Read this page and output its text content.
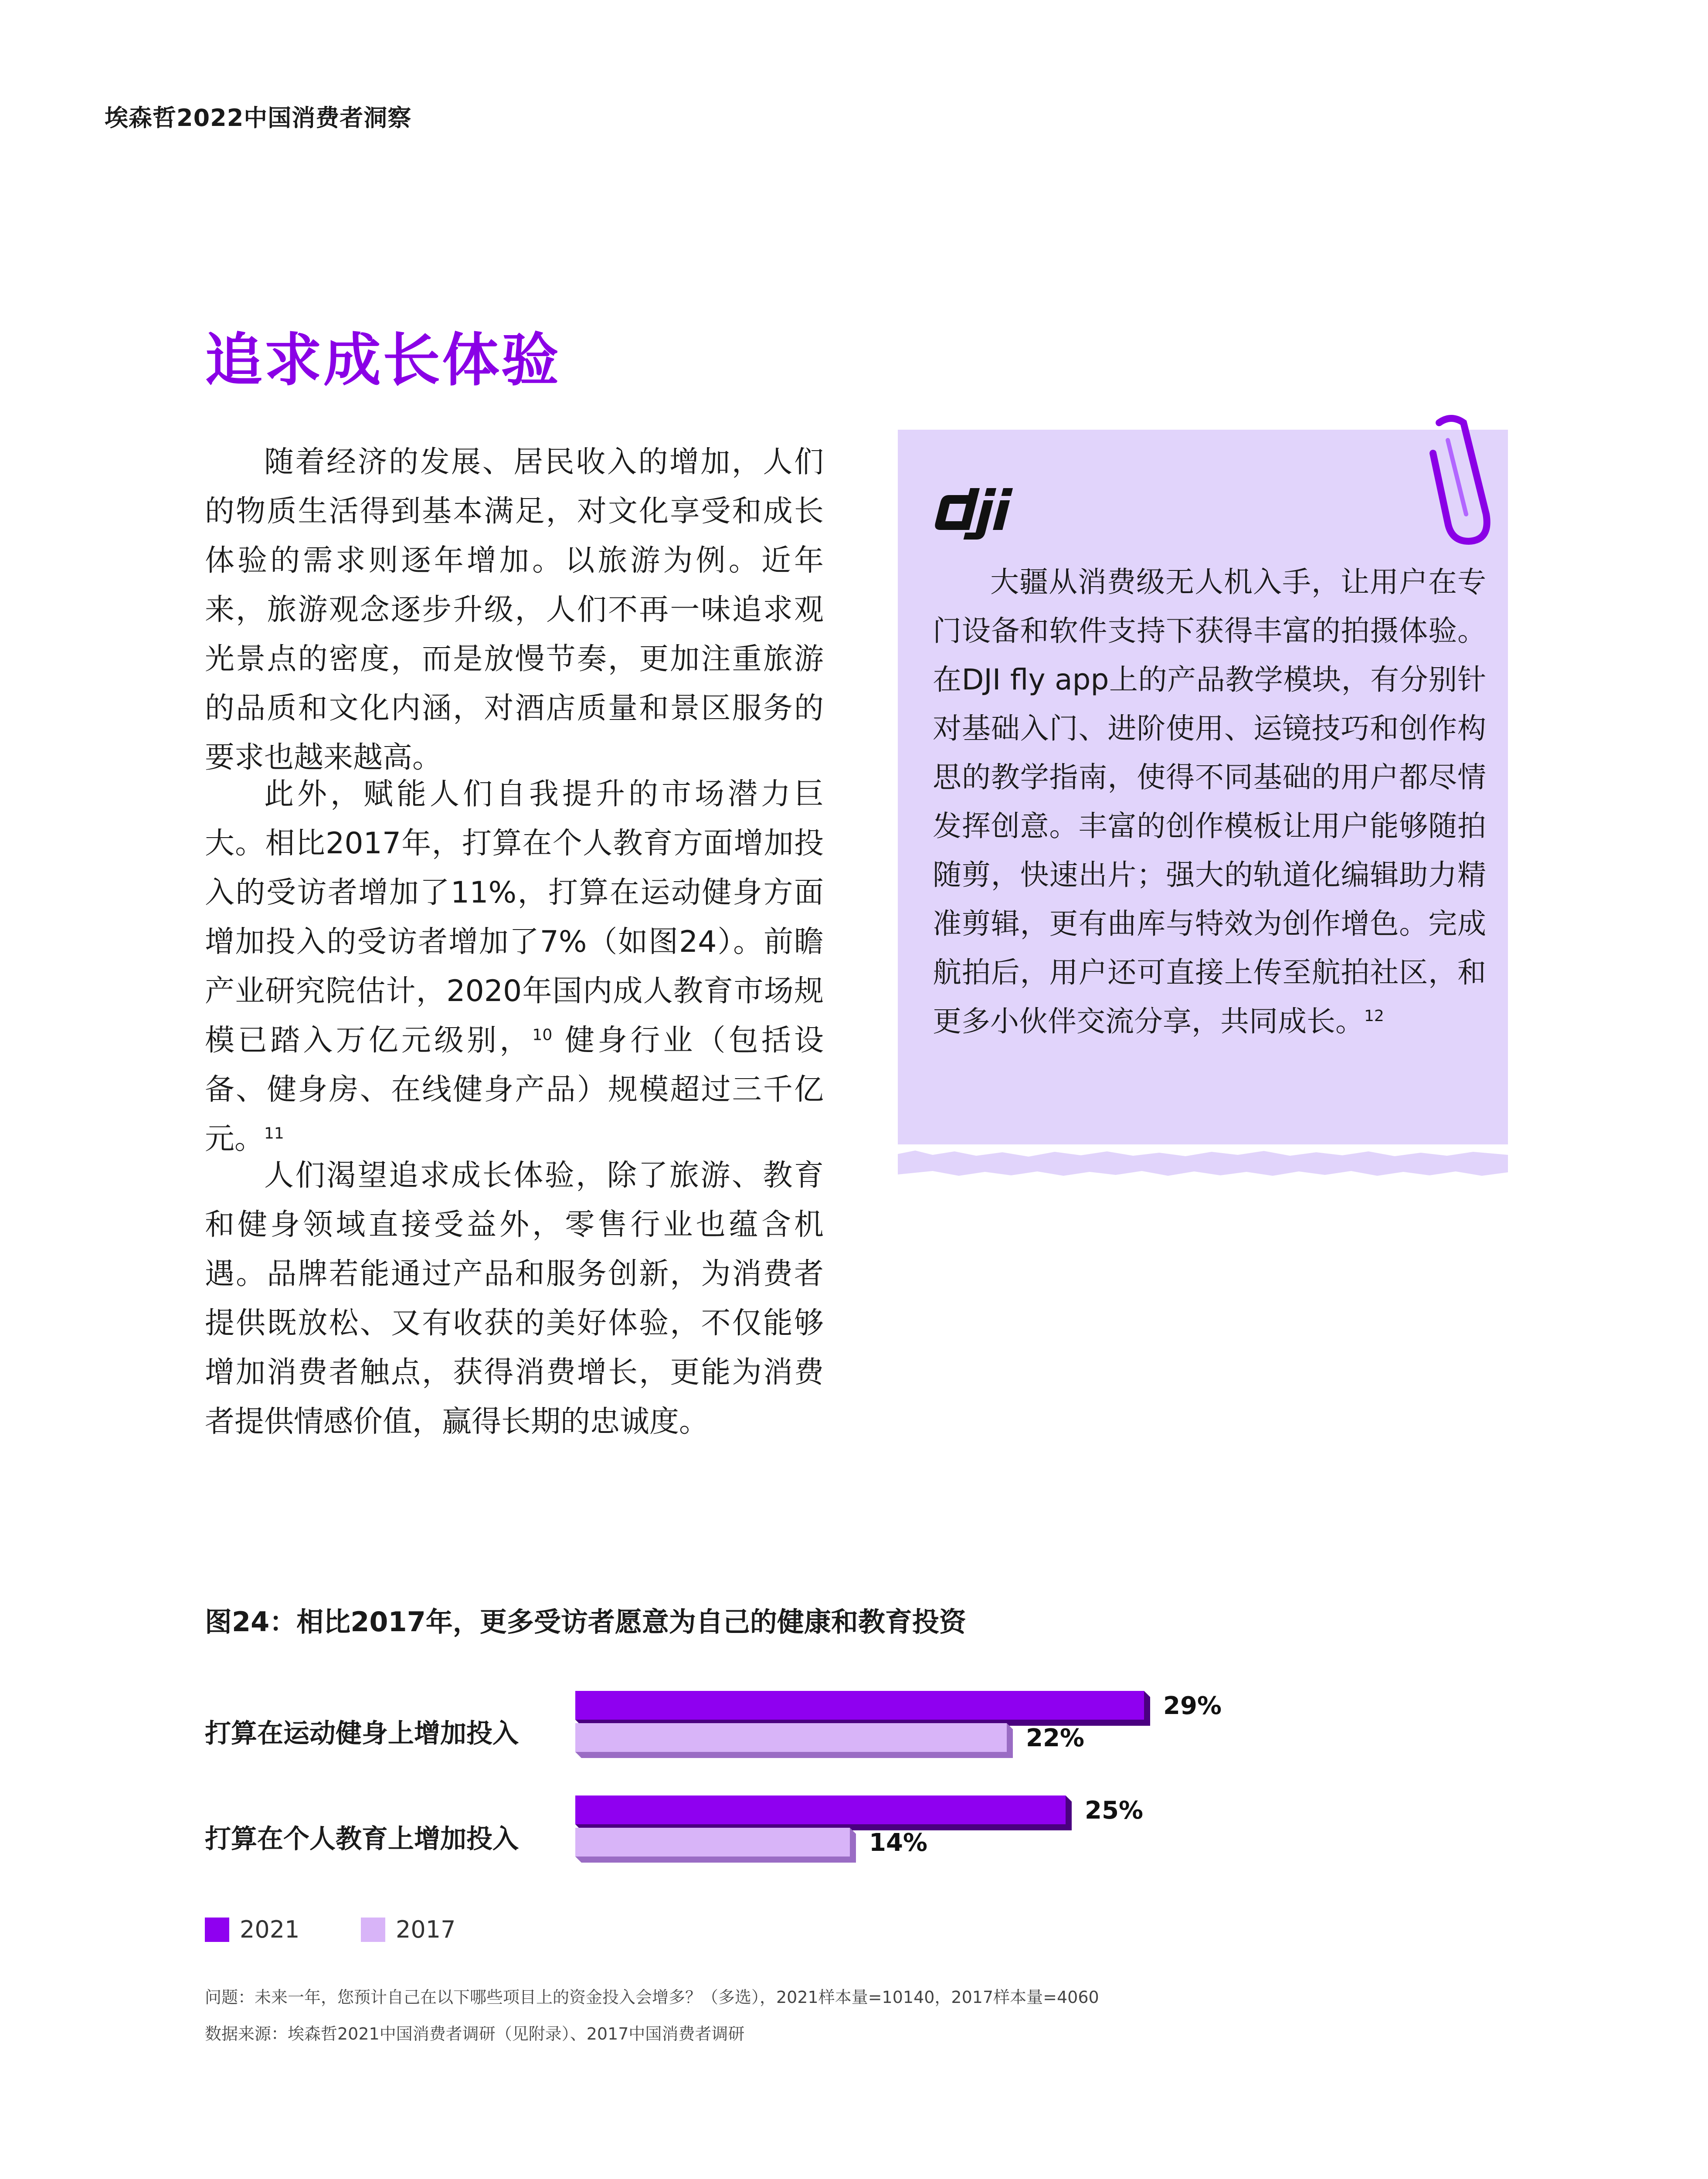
埃森哲2022中国消费者洞察
追求成长体验

随着经济的发展、居民收入的增加，人们的物质生活得到基本满足，对文化享受和成长体验的需求则逐年增加。以旅游为例。近年来，旅游观念逐步升级，人们不再一味追求观光景点的密度，而是放慢节奏，更加注重旅游的品质和文化内涵，对酒店质量和景区服务的要求也越来越高。

此外，赋能人们自我提升的市场潜力巨大。相比2017年，打算在个人教育方面增加投入的受访者增加了11%，打算在运动健身方面增加投入的受访者增加了7%（如图24）。前瞻产业研究院估计，2020年国内成人教育市场规模已踏入万亿元级别，$^{10}$ 健身行业（包括设备、健身房、在线健身产品）规模超过三千亿元。$^{11}$

人们渴望追求成长体验，除了旅游、教育和健身领域直接受益外，零售行业也蕴含机遇。品牌若能通过产品和服务创新，为消费者提供既放松、又有收获的美好体验，不仅能够增加消费者触点，获得消费增长，更能为消费者提供情感价值，赢得长期的忠诚度。

大疆从消费级无人机入手，让用户在专门设备和软件支持下获得丰富的拍摄体验。在DJI fly app上的产品教学模块，有分别针对基础入门、进阶使用、运镜技巧和创作构思的教学指南，使得不同基础的用户都尽情发挥创意。丰富的创作模板让用户能够随拍随剪，快速出片；强大的轨道化编辑助力精准剪辑，更有曲库与特效为创作增色。完成航拍后，用户还可直接上传至航拍社区，和更多小伙伴交流分享，共同成长。$^{12}$

图24：相比2017年，更多受访者愿意为自己的健康和教育投资
打算在运动健身上增加投入
打算在个人教育上增加投入
29%
22%
25%
14%
2021	2017
问题：未来一年，您预计自己在以下哪些项目上的资金投入会增多？（多选），2021样本量=10140，2017样本量=4060
数据来源：埃森哲2021中国消费者调研（见附录）、2017中国消费者调研
